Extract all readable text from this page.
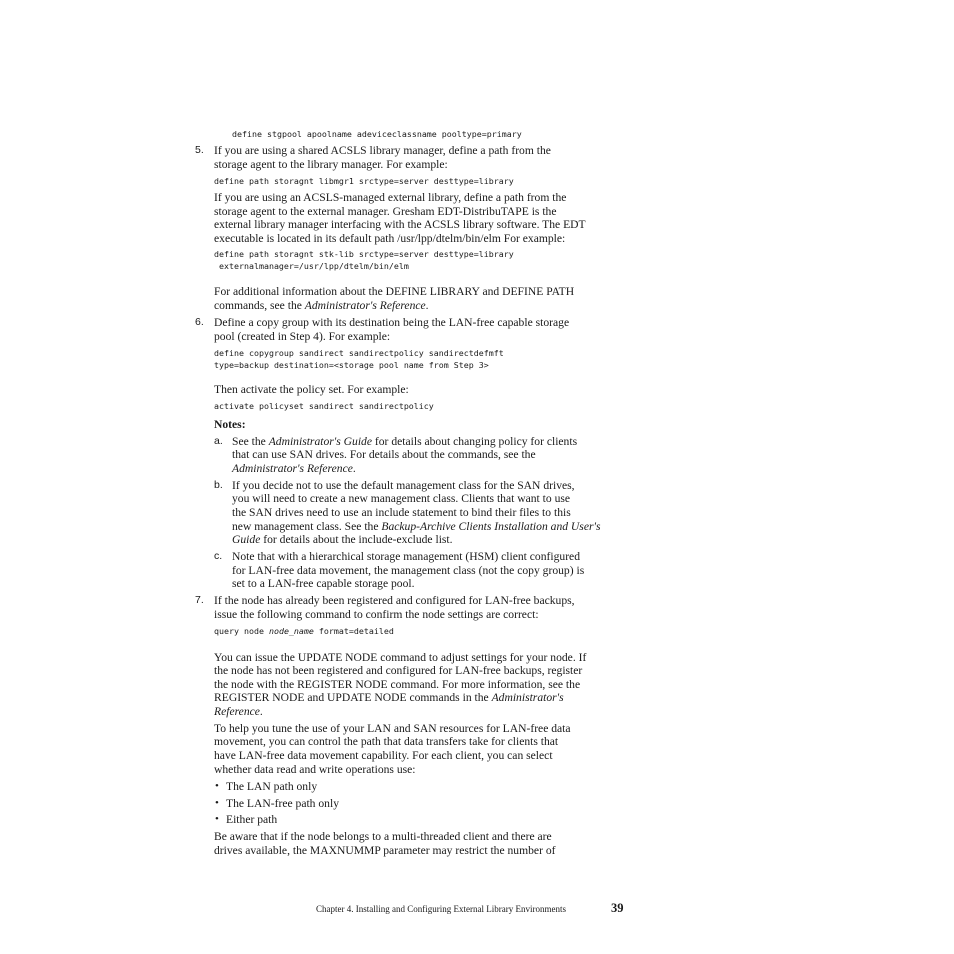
define stgpool apoolname adeviceclassname pooltype=primary
5. If you are using a shared ACSLS library manager, define a path from the
storage agent to the library manager. For example:
define path storagnt libmgr1 srctype=server desttype=library
If you are using an ACSLS-managed external library, define a path from the
storage agent to the external manager. Gresham EDT-DistribuTAPE is the
external library manager interfacing with the ACSLS library software. The EDT
executable is located in its default path /usr/lpp/dtelm/bin/elm For example:
define path storagnt stk-lib srctype=server desttype=library
externalmanager=/usr/lpp/dtelm/bin/elm
For additional information about the DEFINE LIBRARY and DEFINE PATH
commands, see the Administrator's Reference.
6. Define a copy group with its destination being the LAN-free capable storage
pool (created in Step 4). For example:
define copygroup sandirect sandirectpolicy sandirectdefmft
type=backup destination=<storage pool name from Step 3>
Then activate the policy set. For example:
activate policyset sandirect sandirectpolicy
Notes:
a. See the Administrator's Guide for details about changing policy for clients
that can use SAN drives. For details about the commands, see the
Administrator's Reference.
b. If you decide not to use the default management class for the SAN drives,
you will need to create a new management class. Clients that want to use
the SAN drives need to use an include statement to bind their files to this
new management class. See the Backup-Archive Clients Installation and User's
Guide for details about the include-exclude list.
c. Note that with a hierarchical storage management (HSM) client configured
for LAN-free data movement, the management class (not the copy group) is
set to a LAN-free capable storage pool.
7. If the node has already been registered and configured for LAN-free backups,
issue the following command to confirm the node settings are correct:
query node node_name format=detailed
You can issue the UPDATE NODE command to adjust settings for your node. If
the node has not been registered and configured for LAN-free backups, register
the node with the REGISTER NODE command. For more information, see the
REGISTER NODE and UPDATE NODE commands in the Administrator's
Reference.
To help you tune the use of your LAN and SAN resources for LAN-free data
movement, you can control the path that data transfers take for clients that
have LAN-free data movement capability. For each client, you can select
whether data read and write operations use:
• The LAN path only
• The LAN-free path only
• Either path
Be aware that if the node belongs to a multi-threaded client and there are
drives available, the MAXNUMMP parameter may restrict the number of
Chapter 4. Installing and Configuring External Library Environments	39
